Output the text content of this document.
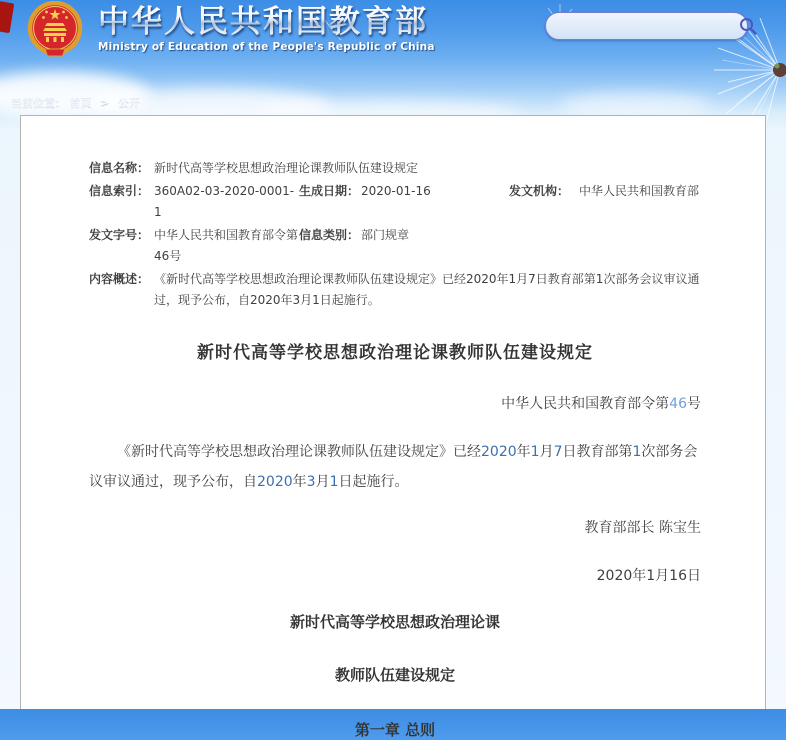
中华人民共和国教育部
Ministry of Education of the People's Republic of China
当前位置： 首页 > 公开
信息名称：	新时代高等学校思想政治理论课教师队伍建设规定				
信息索引：	360A02-03-2020-0001-1	生成日期：	2020-01-16	发文机构：	中华人民共和国教育部
发文字号：	中华人民共和国教育部令第46号	信息类别：	部门规章		
内容概述：	《新时代高等学校思想政治理论课教师队伍建设规定》已经2020年1月7日教育部第1次部务会议审议通过，现予公布，自2020年3月1日起施行。				
新时代高等学校思想政治理论课教师队伍建设规定
中华人民共和国教育部令第46号
《新时代高等学校思想政治理论课教师队伍建设规定》已经2020年1月7日教育部第1次部务会议审议通过，现予公布，自2020年3月1日起施行。
教育部部长 陈宝生
2020年1月16日
新时代高等学校思想政治理论课
教师队伍建设规定
第一章 总则
